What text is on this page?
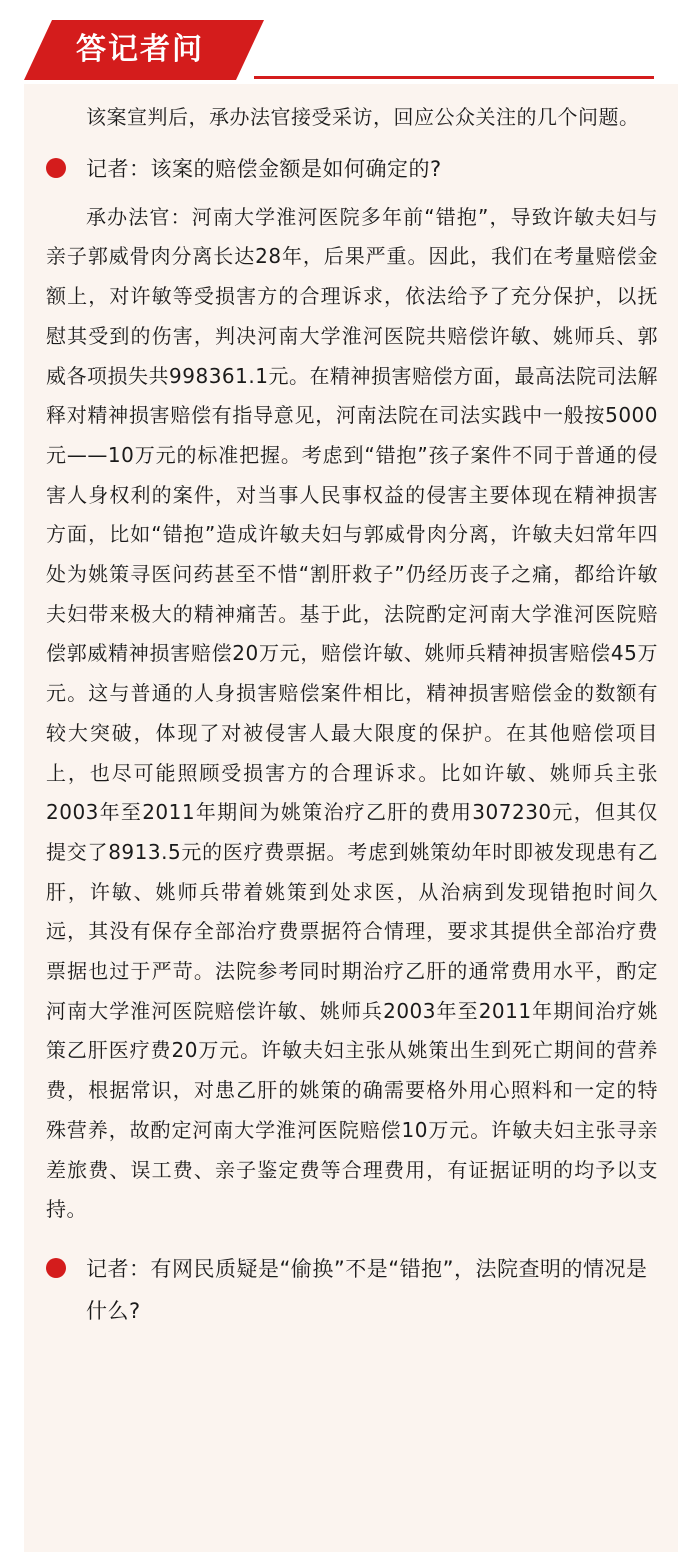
答记者问

该案宣判后，承办法官接受采访，回应公众关注的几个问题。

记者：该案的赔偿金额是如何确定的?

承办法官：河南大学淮河医院多年前“错抱”，导致许敏夫妇与亲子郭威骨肉分离长达28年，后果严重。因此，我们在考量赔偿金额上，对许敏等受损害方的合理诉求，依法给予了充分保护，以抚慰其受到的伤害，判决河南大学淮河医院共赔偿许敏、姚师兵、郭威各项损失共998361.1元。在精神损害赔偿方面，最高法院司法解释对精神损害赔偿有指导意见，河南法院在司法实践中一般按5000元——10万元的标准把握。考虑到“错抱”孩子案件不同于普通的侵害人身权利的案件，对当事人民事权益的侵害主要体现在精神损害方面，比如“错抱”造成许敏夫妇与郭威骨肉分离，许敏夫妇常年四处为姚策寻医问药甚至不惜“割肝救子”仍经历丧子之痛，都给许敏夫妇带来极大的精神痛苦。基于此，法院酌定河南大学淮河医院赔偿郭威精神损害赔偿20万元，赔偿许敏、姚师兵精神损害赔偿45万元。这与普通的人身损害赔偿案件相比，精神损害赔偿金的数额有较大突破，体现了对被侵害人最大限度的保护。在其他赔偿项目上，也尽可能照顾受损害方的合理诉求。比如许敏、姚师兵主张2003年至2011年期间为姚策治疗乙肝的费用307230元，但其仅提交了8913.5元的医疗费票据。考虑到姚策幼年时即被发现患有乙肝，许敏、姚师兵带着姚策到处求医，从治病到发现错抱时间久远，其没有保存全部治疗费票据符合情理，要求其提供全部治疗费票据也过于严苛。法院参考同时期治疗乙肝的通常费用水平，酌定河南大学淮河医院赔偿许敏、姚师兵2003年至2011年期间治疗姚策乙肝医疗费20万元。许敏夫妇主张从姚策出生到死亡期间的营养费，根据常识，对患乙肝的姚策的确需要格外用心照料和一定的特殊营养，故酌定河南大学淮河医院赔偿10万元。许敏夫妇主张寻亲差旅费、误工费、亲子鉴定费等合理费用，有证据证明的均予以支持。

记者：有网民质疑是“偷换”不是“错抱”，法院查明的情况是什么?
